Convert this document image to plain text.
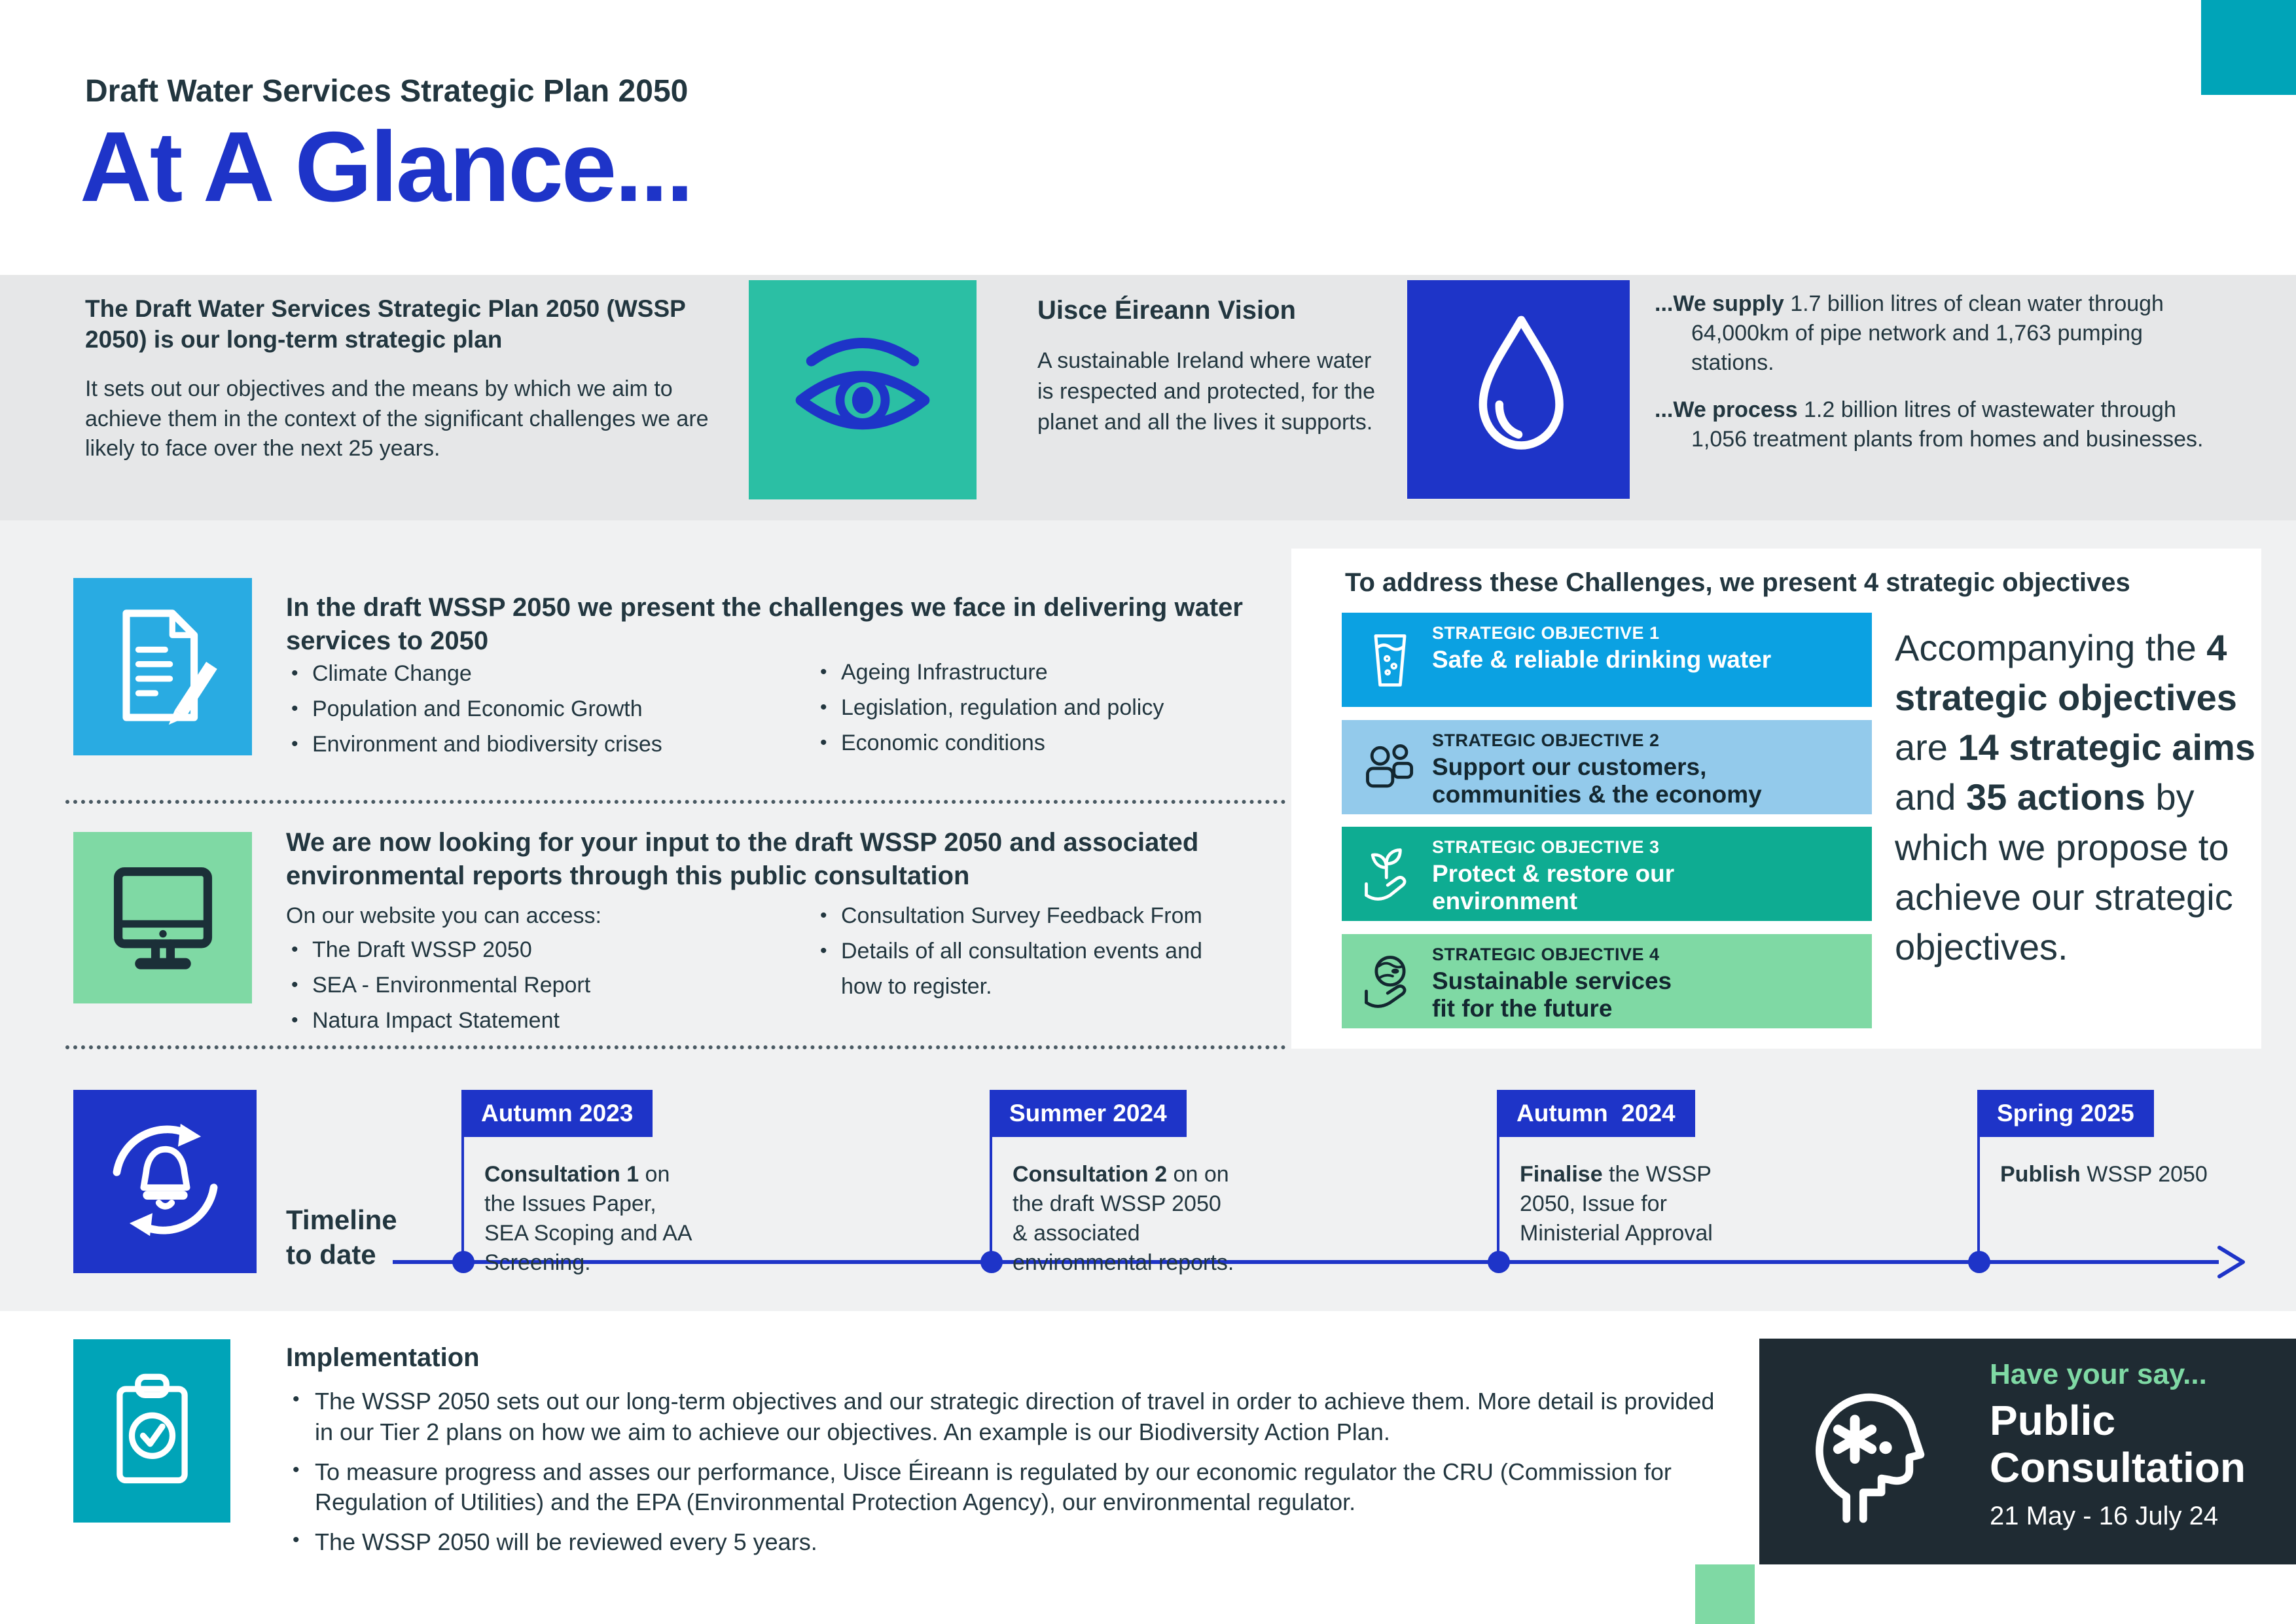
Draft Water Services Strategic Plan 2050
At A Glance...
The Draft Water Services Strategic Plan 2050 (WSSP 2050) is our long-term strategic plan
It sets out our objectives and the means by which we aim to achieve them in the context of the significant challenges we are likely to face over the next 25 years.
Uisce Éireann Vision
A sustainable Ireland where water is respected and protected, for the planet and all the lives it supports.

...We supply 1.7 billion litres of clean water through 64,000km of pipe network and 1,763 pumping stations.

...We process 1.2 billion litres of wastewater through 1,056 treatment plants from homes and businesses.

In the draft WSSP 2050 we present the challenges we face in delivering water services to 2050
• Climate Change
• Population and Economic Growth
• Environment and biodiversity crises
• Ageing Infrastructure
• Legislation, regulation and policy
• Economic conditions
We are now looking for your input to the draft WSSP 2050 and associated environmental reports through this public consultation
On our website you can access:
• The Draft WSSP 2050
• SEA - Environmental Report
• Natura Impact Statement
• Consultation Survey Feedback From
• Details of all consultation events and how to register.
To address these Challenges, we present 4 strategic objectives
STRATEGIC OBJECTIVE 1
Safe & reliable drinking water
STRATEGIC OBJECTIVE 2
Support our customers, communities & the economy
STRATEGIC OBJECTIVE 3
Protect & restore our environment
STRATEGIC OBJECTIVE 4
Sustainable services fit for the future
Accompanying the 4 strategic objectives are 14 strategic aims and 35 actions by which we propose to achieve our strategic objectives.
Timeline
to date
Autumn 2023
Consultation 1 on the Issues Paper, SEA Scoping and AA Screening.
Summer 2024
Consultation 2 on on the draft WSSP 2050 & associated environmental reports.
Autumn  2024
Finalise the WSSP 2050, Issue for Ministerial Approval
Spring 2025
Publish WSSP 2050
Implementation
• The WSSP 2050 sets out our long-term objectives and our strategic direction of travel in order to achieve them. More detail is provided in our Tier 2 plans on how we aim to achieve our objectives. An example is our Biodiversity Action Plan.
• To measure progress and asses our performance, Uisce Éireann is regulated by our economic regulator the CRU (Commission for Regulation of Utilities) and the EPA (Environmental Protection Agency), our environmental regulator.
• The WSSP 2050 will be reviewed every 5 years.
Have your say...
Public Consultation
21 May - 16 July 24
